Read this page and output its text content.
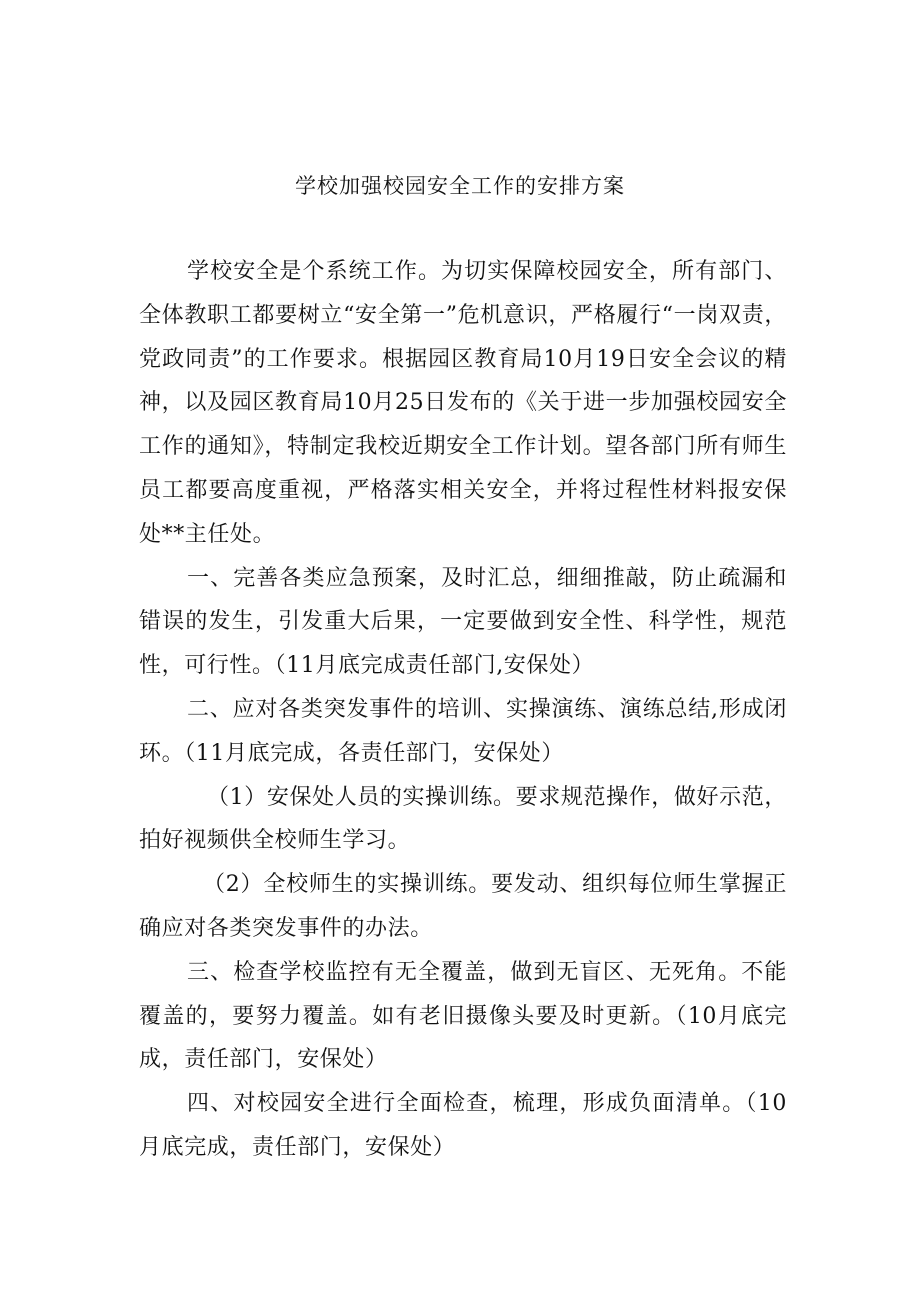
学校加强校园安全工作的安排方案

学校安全是个系统工作。为切实保障校园安全，所有部门、全体教职工都要树立“安全第一”危机意识，严格履行“一岗双责，党政同责”的工作要求。根据园区教育局10月19日安全会议的精神，以及园区教育局10月25日发布的《关于进一步加强校园安全工作的通知》，特制定我校近期安全工作计划。望各部门所有师生员工都要高度重视，严格落实相关安全，并将过程性材料报安保处**主任处。

一、完善各类应急预案，及时汇总，细细推敲，防止疏漏和错误的发生，引发重大后果，一定要做到安全性、科学性，规范性，可行性。（11月底完成责任部门,安保处）

二、应对各类突发事件的培训、实操演练、演练总结,形成闭环。（11月底完成，各责任部门，安保处）

（1）安保处人员的实操训练。要求规范操作，做好示范，拍好视频供全校师生学习。

（2）全校师生的实操训练。要发动、组织每位师生掌握正确应对各类突发事件的办法。

三、检查学校监控有无全覆盖，做到无盲区、无死角。不能覆盖的，要努力覆盖。如有老旧摄像头要及时更新。（10月底完成，责任部门，安保处）

四、对校园安全进行全面检查，梳理，形成负面清单。（10月底完成，责任部门，安保处）
